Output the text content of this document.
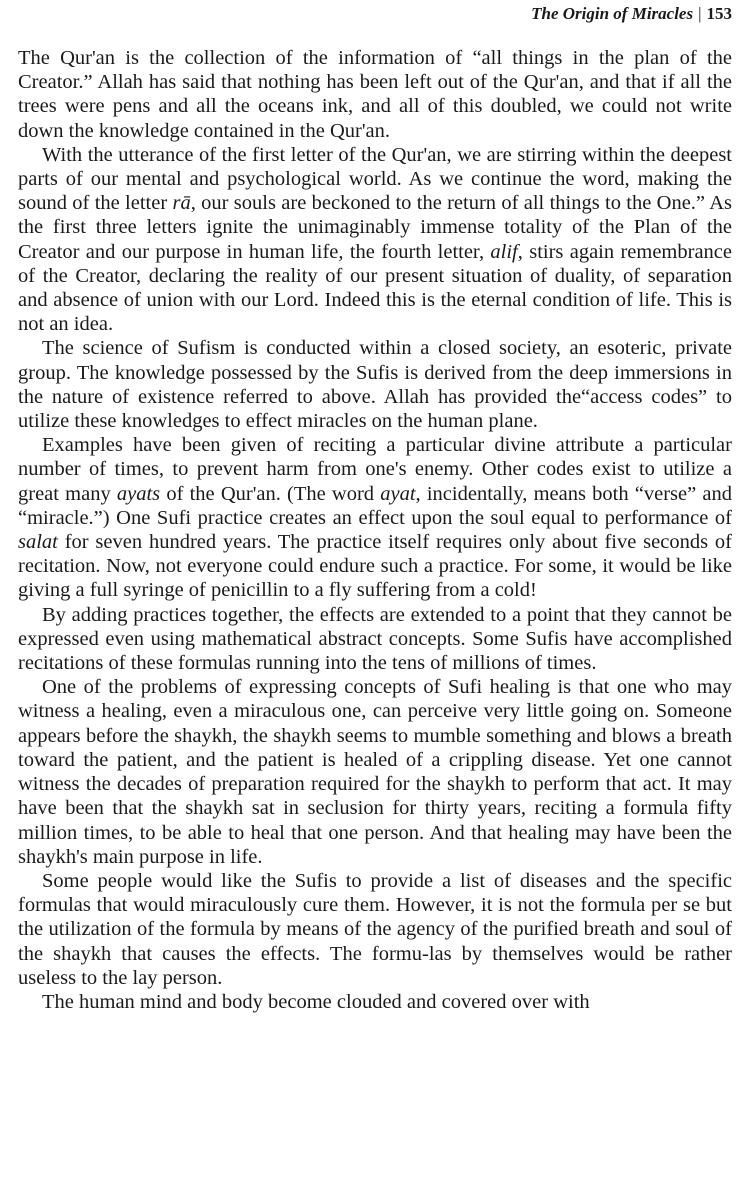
The Origin of Miracles | 153

The Qur'an is the collection of the information of “all things in the plan of the Creator.” Allah has said that nothing has been left out of the Qur'an, and that if all the trees were pens and all the oceans ink, and all of this doubled, we could not write down the knowledge contained in the Qur'an.

With the utterance of the first letter of the Qur'an, we are stirring within the deepest parts of our mental and psychological world. As we continue the word, making the sound of the letter rā, our souls are beckoned to the return of all things to the One.” As the first three letters ignite the unimaginably immense totality of the Plan of the Creator and our purpose in human life, the fourth letter, alif, stirs again remembrance of the Creator, declaring the reality of our present situation of duality, of separation and absence of union with our Lord. Indeed this is the eternal condition of life. This is not an idea.

The science of Sufism is conducted within a closed society, an esoteric, private group. The knowledge possessed by the Sufis is derived from the deep immersions in the nature of existence referred to above. Allah has provided the“access codes” to utilize these knowledges to effect miracles on the human plane.

Examples have been given of reciting a particular divine attribute a particular number of times, to prevent harm from one's enemy. Other codes exist to utilize a great many ayats of the Qur'an. (The word ayat, incidentally, means both “verse” and “miracle.”) One Sufi practice creates an effect upon the soul equal to performance of salat for seven hundred years. The practice itself requires only about five seconds of recitation. Now, not everyone could endure such a practice. For some, it would be like giving a full syringe of penicillin to a fly suffering from a cold!

By adding practices together, the effects are extended to a point that they cannot be expressed even using mathematical abstract concepts. Some Sufis have accomplished recitations of these formulas running into the tens of millions of times.

One of the problems of expressing concepts of Sufi healing is that one who may witness a healing, even a miraculous one, can perceive very little going on. Someone appears before the shaykh, the shaykh seems to mumble something and blows a breath toward the patient, and the patient is healed of a crippling disease. Yet one cannot witness the decades of preparation required for the shaykh to perform that act. It may have been that the shaykh sat in seclusion for thirty years, reciting a formula fifty million times, to be able to heal that one person. And that healing may have been the shaykh's main purpose in life.

Some people would like the Sufis to provide a list of diseases and the specific formulas that would miraculously cure them. However, it is not the formula per se but the utilization of the formula by means of the agency of the purified breath and soul of the shaykh that causes the effects. The formu-las by themselves would be rather useless to the lay person.

The human mind and body become clouded and covered over with
